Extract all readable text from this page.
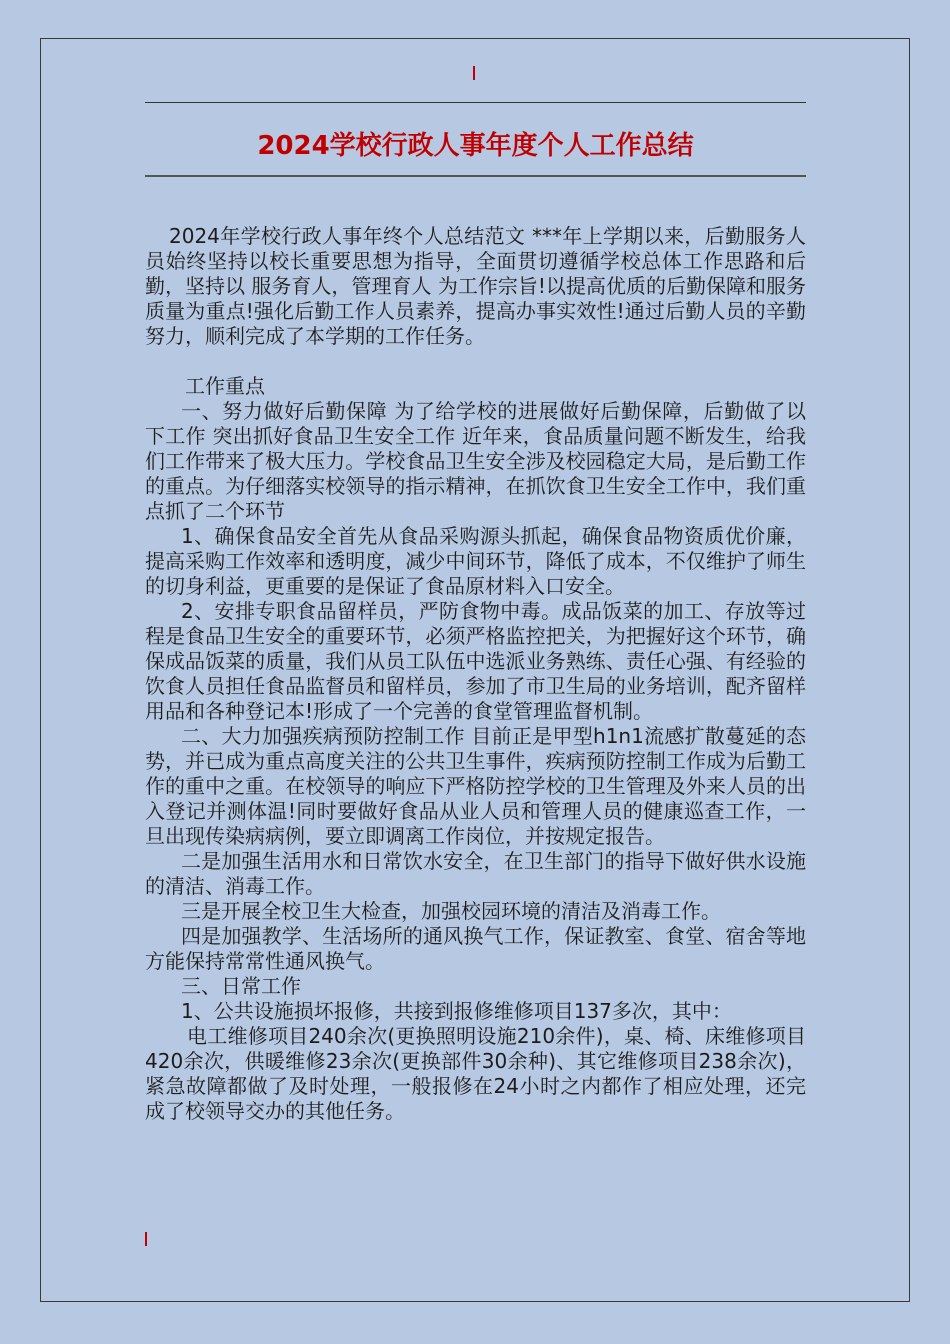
2024学校行政人事年度个人工作总结

2024年学校行政人事年终个人总结范文 ***年上学期以来，后勤服务人员始终坚持以校长重要思想为指导，全面贯切遵循学校总体工作思路和后勤，坚持以 服务育人，管理育人 为工作宗旨!以提高优质的后勤保障和服务质量为重点!强化后勤工作人员素养，提高办事实效性!通过后勤人员的辛勤努力，顺利完成了本学期的工作任务。

工作重点

一、努力做好后勤保障 为了给学校的进展做好后勤保障，后勤做了以下工作 突出抓好食品卫生安全工作 近年来，食品质量问题不断发生，给我们工作带来了极大压力。学校食品卫生安全涉及校园稳定大局，是后勤工作的重点。为仔细落实校领导的指示精神，在抓饮食卫生安全工作中，我们重点抓了二个环节

1、确保食品安全首先从食品采购源头抓起，确保食品物资质优价廉，提高采购工作效率和透明度，减少中间环节，降低了成本，不仅维护了师生的切身利益，更重要的是保证了食品原材料入口安全。

2、安排专职食品留样员，严防食物中毒。成品饭菜的加工、存放等过程是食品卫生安全的重要环节，必须严格监控把关，为把握好这个环节，确保成品饭菜的质量，我们从员工队伍中选派业务熟练、责任心强、有经验的饮食人员担任食品监督员和留样员，参加了市卫生局的业务培训，配齐留样用品和各种登记本!形成了一个完善的食堂管理监督机制。

二、大力加强疾病预防控制工作 目前正是甲型h1n1流感扩散蔓延的态势，并已成为重点高度关注的公共卫生事件，疾病预防控制工作成为后勤工作的重中之重。在校领导的响应下严格防控学校的卫生管理及外来人员的出入登记并测体温!同时要做好食品从业人员和管理人员的健康巡查工作，一旦出现传染病病例，要立即调离工作岗位，并按规定报告。

二是加强生活用水和日常饮水安全，在卫生部门的指导下做好供水设施的清洁、消毒工作。

三是开展全校卫生大检查，加强校园环境的清洁及消毒工作。

四是加强教学、生活场所的通风换气工作，保证教室、食堂、宿舍等地方能保持常常性通风换气。

三、日常工作

1、公共设施损坏报修，共接到报修维修项目137多次，其中：

电工维修项目240余次(更换照明设施210余件)，桌、椅、床维修项目420余次，供暖维修23余次(更换部件30余种)、其它维修项目238余次)，紧急故障都做了及时处理，一般报修在24小时之内都作了相应处理，还完成了校领导交办的其他任务。
